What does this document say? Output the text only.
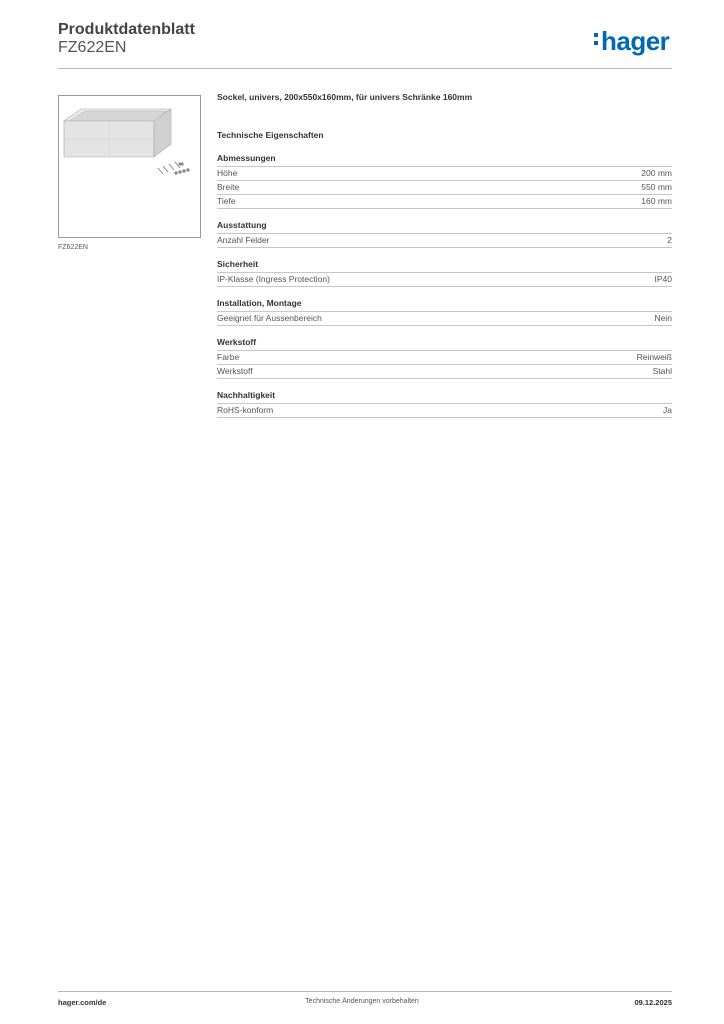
Produktdatenblatt
FZ622EN	hager
FZ622EN
Sockel, univers, 200x550x160mm, für univers Schränke 160mm
Technische Eigenschaften
Abmessungen
Höhe	200 mm
Breite	550 mm
Tiefe	160 mm
Ausstattung
Anzahl Felder	2
Sicherheit
IP-Klasse (Ingress Protection)	IP40
Installation, Montage
Geeignet für Aussenbereich	Nein
Werkstoff
Farbe	Reinweiß
Werkstoff	Stahl
Nachhaltigkeit
RoHS-konform	Ja
hager.com/de	Technische Änderungen vorbehalten	09.12.2025
